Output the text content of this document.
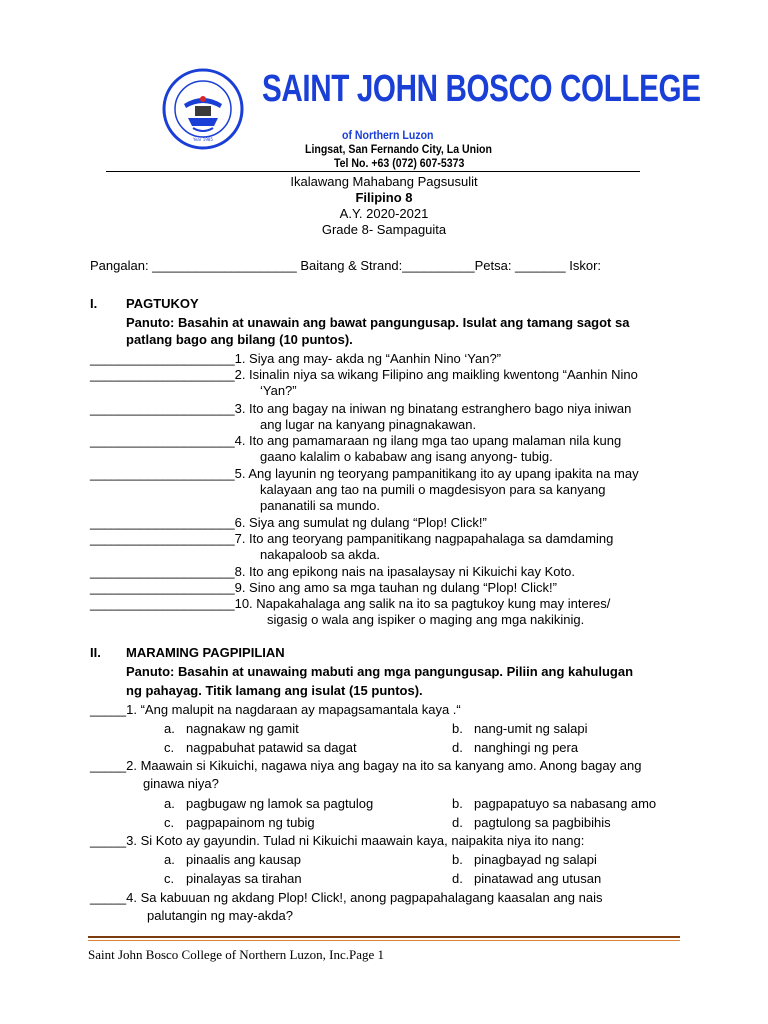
Year 1985
SAINT JOHN BOSCO COLLEGE
of Northern Luzon
Lingsat, San Fernando City, La Union
Tel No. +63 (072) 607-5373
Ikalawang Mahabang Pagsusulit
Filipino 8
A.Y. 2020-2021
Grade 8- Sampaguita
Pangalan: ____________________ Baitang & Strand:__________Petsa: _______ Iskor:
I. PAGTUKOY
Panuto: Basahin at unawain ang bawat pangungusap. Isulat ang tamang sagot sa
patlang bago ang bilang (10 puntos).
____________________1. Siya ang may- akda ng “Aanhin Nino ‘Yan?”
____________________2. Isinalin niya sa wikang Filipino ang maikling kwentong “Aanhin Nino
‘Yan?”
____________________3. Ito ang bagay na iniwan ng binatang estranghero bago niya iniwan
ang lugar na kanyang pinagnakawan.
____________________4. Ito ang pamamaraan ng ilang mga tao upang malaman nila kung
gaano kalalim o kababaw ang isang anyong- tubig.
____________________5. Ang layunin ng teoryang pampanitikang ito ay upang ipakita na may
kalayaan ang tao na pumili o magdesisyon para sa kanyang
pananatili sa mundo.
____________________6. Siya ang sumulat ng dulang “Plop! Click!”
____________________7. Ito ang teoryang pampanitikang nagpapahalaga sa damdaming
nakapaloob sa akda.
____________________8. Ito ang epikong nais na ipasalaysay ni Kikuichi kay Koto.
____________________9. Sino ang amo sa mga tauhan ng dulang “Plop! Click!”
____________________10. Napakahalaga ang salik na ito sa pagtukoy kung may interes/
sigasig o wala ang ispiker o maging ang mga nakikinig.
II. MARAMING PAGPIPILIAN
Panuto: Basahin at unawaing mabuti ang mga pangungusap. Piliin ang kahulugan
ng pahayag. Titik lamang ang isulat (15 puntos).
_____1. “Ang malupit na nagdaraan ay mapagsamantala kaya .“
a. nagnakaw ng gamit	b. nang-umit ng salapi
c. nagpabuhat patawid sa dagat	d. nanghingi ng pera
_____2. Maawain si Kikuichi, nagawa niya ang bagay na ito sa kanyang amo. Anong bagay ang
ginawa niya?
a. pagbugaw ng lamok sa pagtulog	b. pagpapatuyo sa nabasang amo
c. pagpapainom ng tubig	d. pagtulong sa pagbibihis
_____3. Si Koto ay gayundin. Tulad ni Kikuichi maawain kaya, naipakita niya ito nang:
a. pinaalis ang kausap	b. pinagbayad ng salapi
c. pinalayas sa tirahan	d. pinatawad ang utusan
_____4. Sa kabuuan ng akdang Plop! Click!, anong pagpapahalagang kaasalan ang nais
palutangin ng may-akda?
Saint John Bosco College of Northern Luzon, Inc.Page 1
